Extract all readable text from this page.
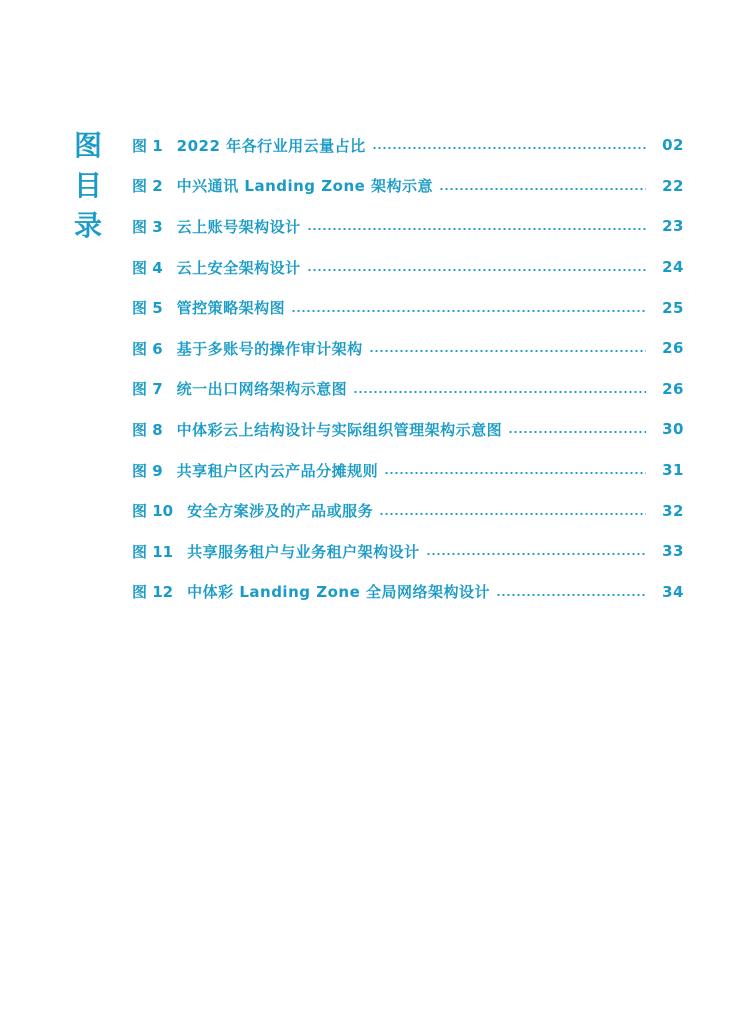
图
目
录
图 1 2022 年各行业用云量占比	02
图 2 中兴通讯 Landing Zone 架构示意	22
图 3 云上账号架构设计	23
图 4 云上安全架构设计	24
图 5 管控策略架构图	25
图 6 基于多账号的操作审计架构	26
图 7 统一出口网络架构示意图	26
图 8 中体彩云上结构设计与实际组织管理架构示意图	30
图 9 共享租户区内云产品分摊规则	31
图 10 安全方案涉及的产品或服务	32
图 11 共享服务租户与业务租户架构设计	33
图 12 中体彩 Landing Zone 全局网络架构设计	34
